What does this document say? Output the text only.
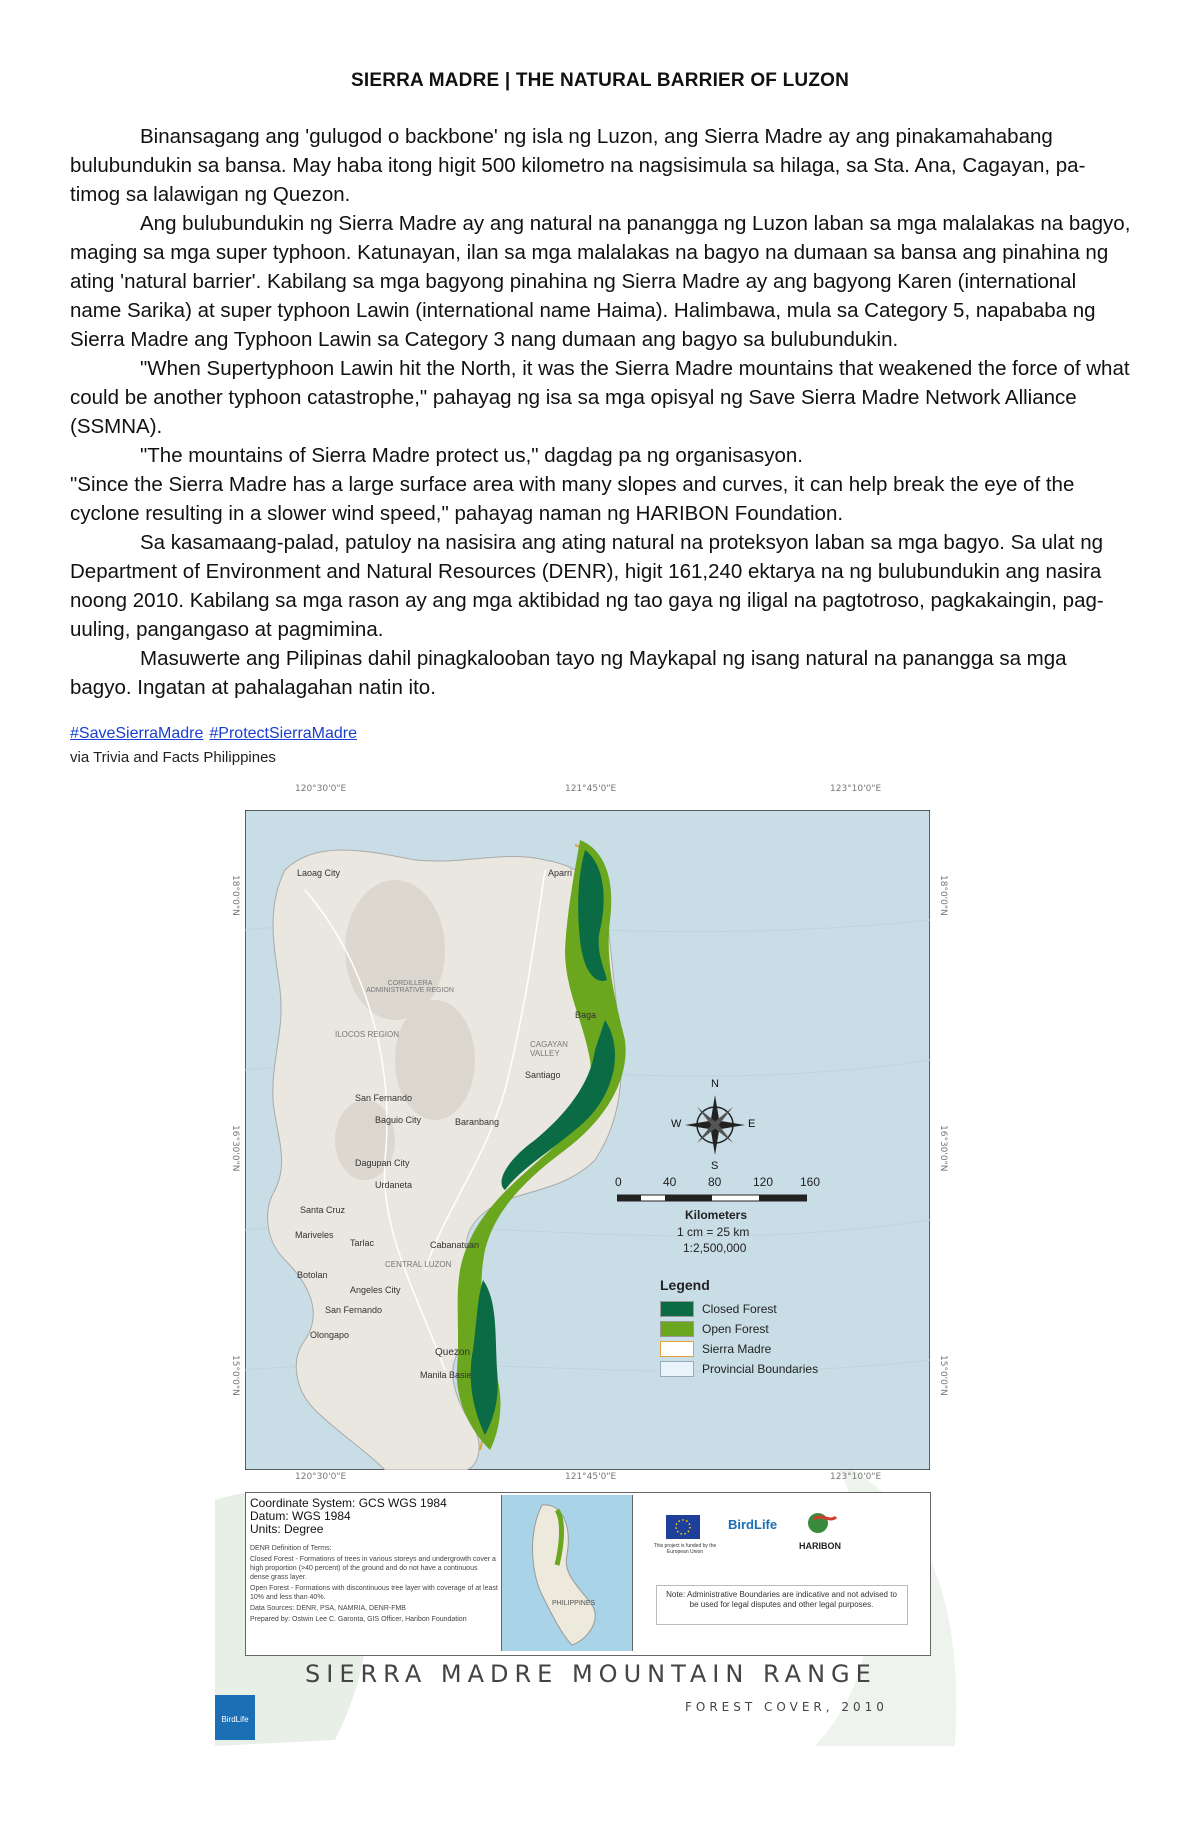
SIERRA MADRE | THE NATURAL BARRIER OF LUZON

Binansagang ang 'gulugod o backbone' ng isla ng Luzon, ang Sierra Madre ay ang pinakamahabang bulubundukin sa bansa. May haba itong higit 500 kilometro na nagsisimula sa hilaga, sa Sta. Ana, Cagayan, pa-timog sa lalawigan ng Quezon.

Ang bulubundukin ng Sierra Madre ay ang natural na panangga ng Luzon laban sa mga malalakas na bagyo, maging sa mga super typhoon. Katunayan, ilan sa mga malalakas na bagyo na dumaan sa bansa ang pinahina ng ating 'natural barrier'. Kabilang sa mga bagyong pinahina ng Sierra Madre ay ang bagyong Karen (international name Sarika) at super typhoon Lawin (international name Haima). Halimbawa, mula sa Category 5, napababa ng Sierra Madre ang Typhoon Lawin sa Category 3 nang dumaan ang bagyo sa bulubundukin.

"When Supertyphoon Lawin hit the North, it was the Sierra Madre mountains that weakened the force of what could be another typhoon catastrophe," pahayag ng isa sa mga opisyal ng Save Sierra Madre Network Alliance (SSMNA).

"The mountains of Sierra Madre protect us," dagdag pa ng organisasyon.

"Since the Sierra Madre has a large surface area with many slopes and curves, it can help break the eye of the cyclone resulting in a slower wind speed," pahayag naman ng HARIBON Foundation.

Sa kasamaang-palad, patuloy na nasisira ang ating natural na proteksyon laban sa mga bagyo. Sa ulat ng Department of Environment and Natural Resources (DENR), higit 161,240 ektarya na ng bulubundukin ang nasira noong 2010. Kabilang sa mga rason ay ang mga aktibidad ng tao gaya ng iligal na pagtotroso, pagkakaingin, pag-uuling, pangangaso at pagmimina.

Masuwerte ang Pilipinas dahil pinagkalooban tayo ng Maykapal ng isang natural na panangga sa mga bagyo. Ingatan at pahalagahan natin ito.

#SaveSierraMadre #ProtectSierraMadre
via Trivia and Facts Philippines
120°30'0"E	121°45'0"E	123°10'0"E
120°30'0"E	121°45'0"E	123°10'0"E
18°0'0"N
16°30'0"N
15°0'0"N
18°0'0"N
16°30'0"N
15°0'0"N
Laoag City	Aparri
CORDILLERA ADMINISTRATIVE REGION
Baga
ILOCOS REGION
CAGAYAN VALLEY
Santiago
San Fernando
Baguio City	Baranbang
Dagupan City
Urdaneta
Santa Cruz
Mariveles
Tarlac	Cabanatuan
Botolan
CENTRAL LUZON
Angeles City
San Fernando
Olongapo
Quezon
Manila Basie
N
S
E
W
0	40	80	120 160
Kilometers
1 cm = 25 km
1:2,500,000
Legend
Closed Forest
Open Forest
Sierra Madre
Provincial Boundaries
Coordinate System: GCS WGS 1984
Datum: WGS 1984
Units: Degree
DENR Definition of Terms:
Closed Forest - Formations of trees in various storeys and undergrowth cover a high proportion (>40 percent) of the ground and do not have a continuous dense grass layer.
Open Forest - Formations with discontinuous tree layer with coverage of at least 10% and less than 40%.
Data Sources: DENR, PSA, NAMRIA, DENR-FMB
Prepared by: Ostwin Lee C. Garonta, GIS Officer, Haribon Foundation
PHILIPPINES
This project is funded by the European Union
BirdLife
HARIBON
Note: Administrative Boundaries are indicative and not advised to be used for legal disputes and other legal purposes.
SIERRA MADRE MOUNTAIN RANGE
FOREST COVER, 2010
BirdLife
